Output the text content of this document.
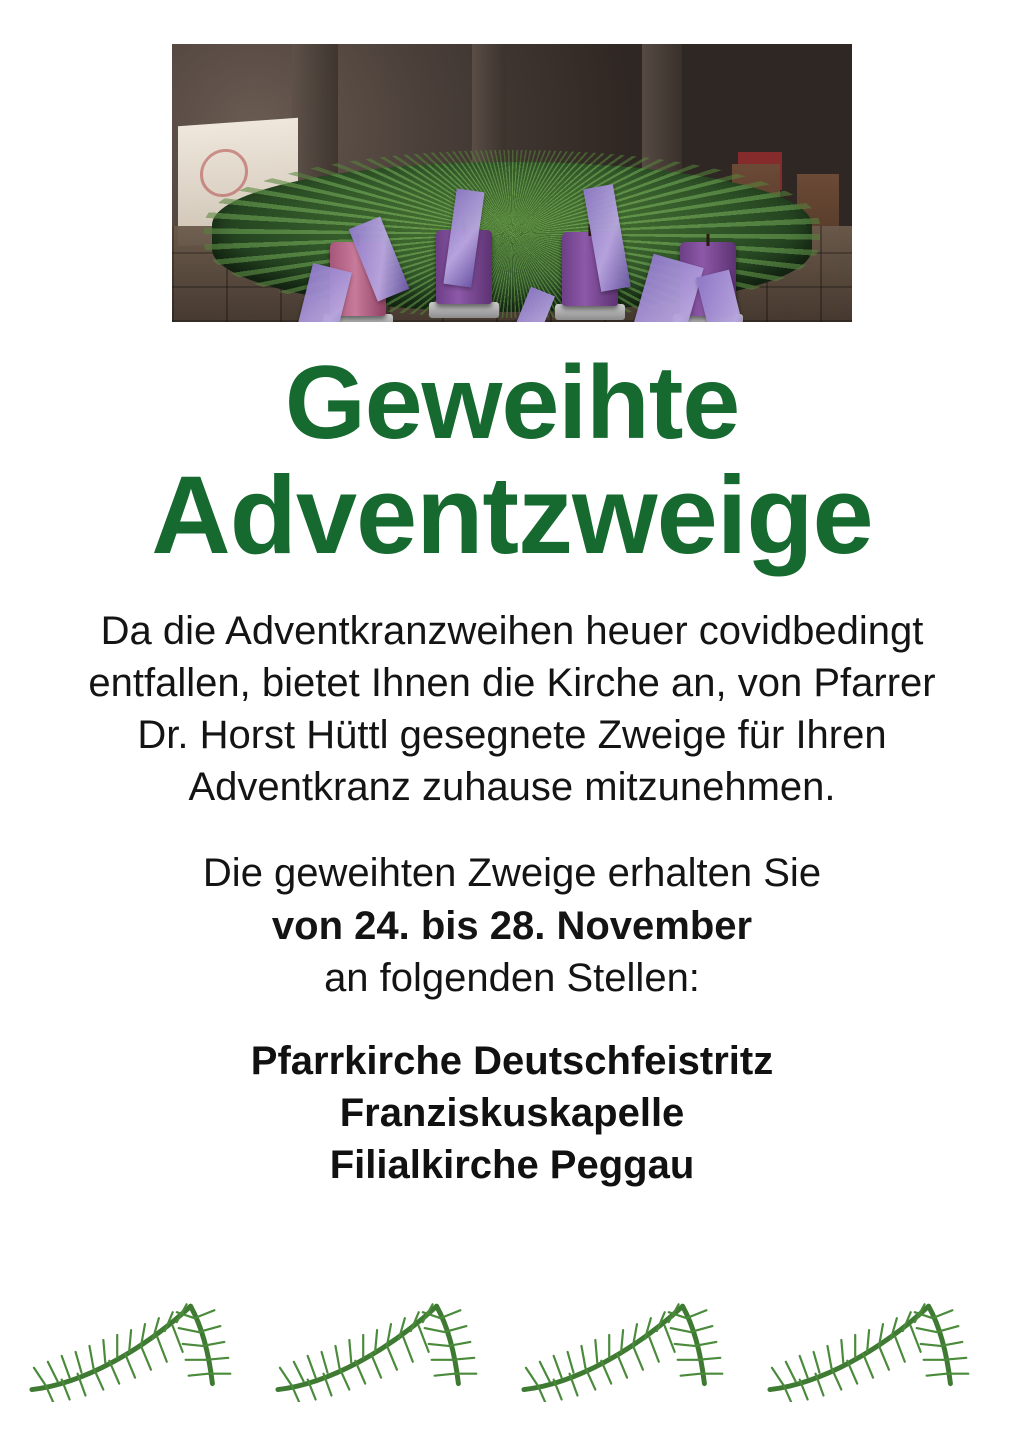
Geweihte
Adventzweige
Da die Adventkranzweihen heuer covidbedingt entfallen, bietet Ihnen die Kirche an, von Pfarrer Dr. Horst Hüttl gesegnete Zweige für Ihren Adventkranz zuhause mitzunehmen.
Die geweihten Zweige erhalten Sie
von 24. bis 28. November
an folgenden Stellen:
Pfarrkirche Deutschfeistritz
Franziskuskapelle
Filialkirche Peggau
